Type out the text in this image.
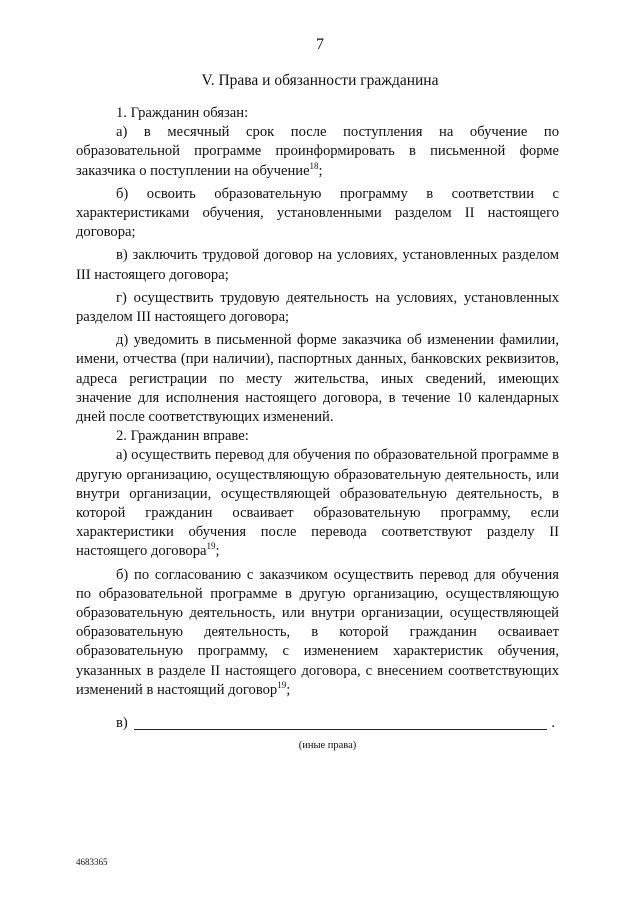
7
V. Права и обязанности гражданина

1. Гражданин обязан:

а) в месячный срок после поступления на обучение по образовательной программе проинформировать в письменной форме заказчика о поступлении на обучение$^{18}$;

б) освоить образовательную программу в соответствии с характеристиками обучения, установленными разделом II настоящего договора;

в) заключить трудовой договор на условиях, установленных разделом III настоящего договора;

г) осуществить трудовую деятельность на условиях, установленных разделом III настоящего договора;

д) уведомить в письменной форме заказчика об изменении фамилии, имени, отчества (при наличии), паспортных данных, банковских реквизитов, адреса регистрации по месту жительства, иных сведений, имеющих значение для исполнения настоящего договора, в течение 10 календарных дней после соответствующих изменений.

2. Гражданин вправе:

а) осуществить перевод для обучения по образовательной программе в другую организацию, осуществляющую образовательную деятельность, или внутри организации, осуществляющей образовательную деятельность, в которой гражданин осваивает образовательную программу, если характеристики обучения после перевода соответствуют разделу II настоящего договора$^{19}$;

б) по согласованию с заказчиком осуществить перевод для обучения по образовательной программе в другую организацию, осуществляющую образовательную деятельность, или внутри организации, осуществляющей образовательную деятельность, в которой гражданин осваивает образовательную программу, с изменением характеристик обучения, указанных в разделе II настоящего договора, с внесением соответствующих изменений в настоящий договор$^{19}$;

в)	.
(иные права)
4683365
